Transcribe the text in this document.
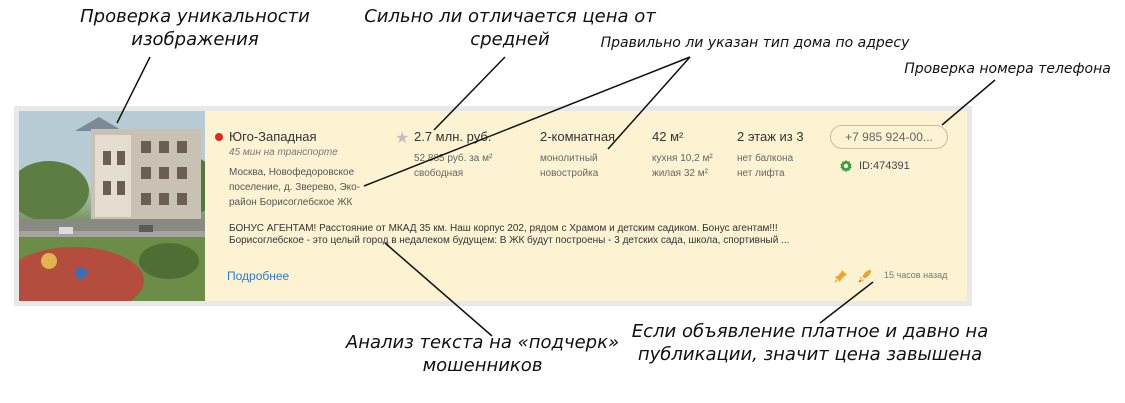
Проверка уникальности изображения
Сильно ли отличается цена от средней	Правильно ли указан тип дома по адресу
Проверка номера телефона
Анализ текста на «подчерк» мошенников
Если объявление платное и давно на публикации, значит цена завышена
Юго-Западная
45 мин на транспорте
Москва, Новофедоровское поселение, д. Зверево, Эко-район Борисоглебское ЖК
★ 2.7 млн. руб.
52 885 руб. за м²
свободная
2-комнатная
монолитный
новостройка
42 м²
кухня 10,2 м²
жилая 32 м²
2 этаж из 3
нет балкона
нет лифта
+7 985 924-00...
ID:474391
БОНУС АГЕНТАМ! Расстояние от МКАД 35 км. Наш корпус 202, рядом с Храмом и детским садиком. Бонус агентам!!!
Борисоглебское - это целый город в недалеком будущем: В ЖК будут построены - 3 детских сада, школа, спортивный ...
Подробнее	15 часов назад
